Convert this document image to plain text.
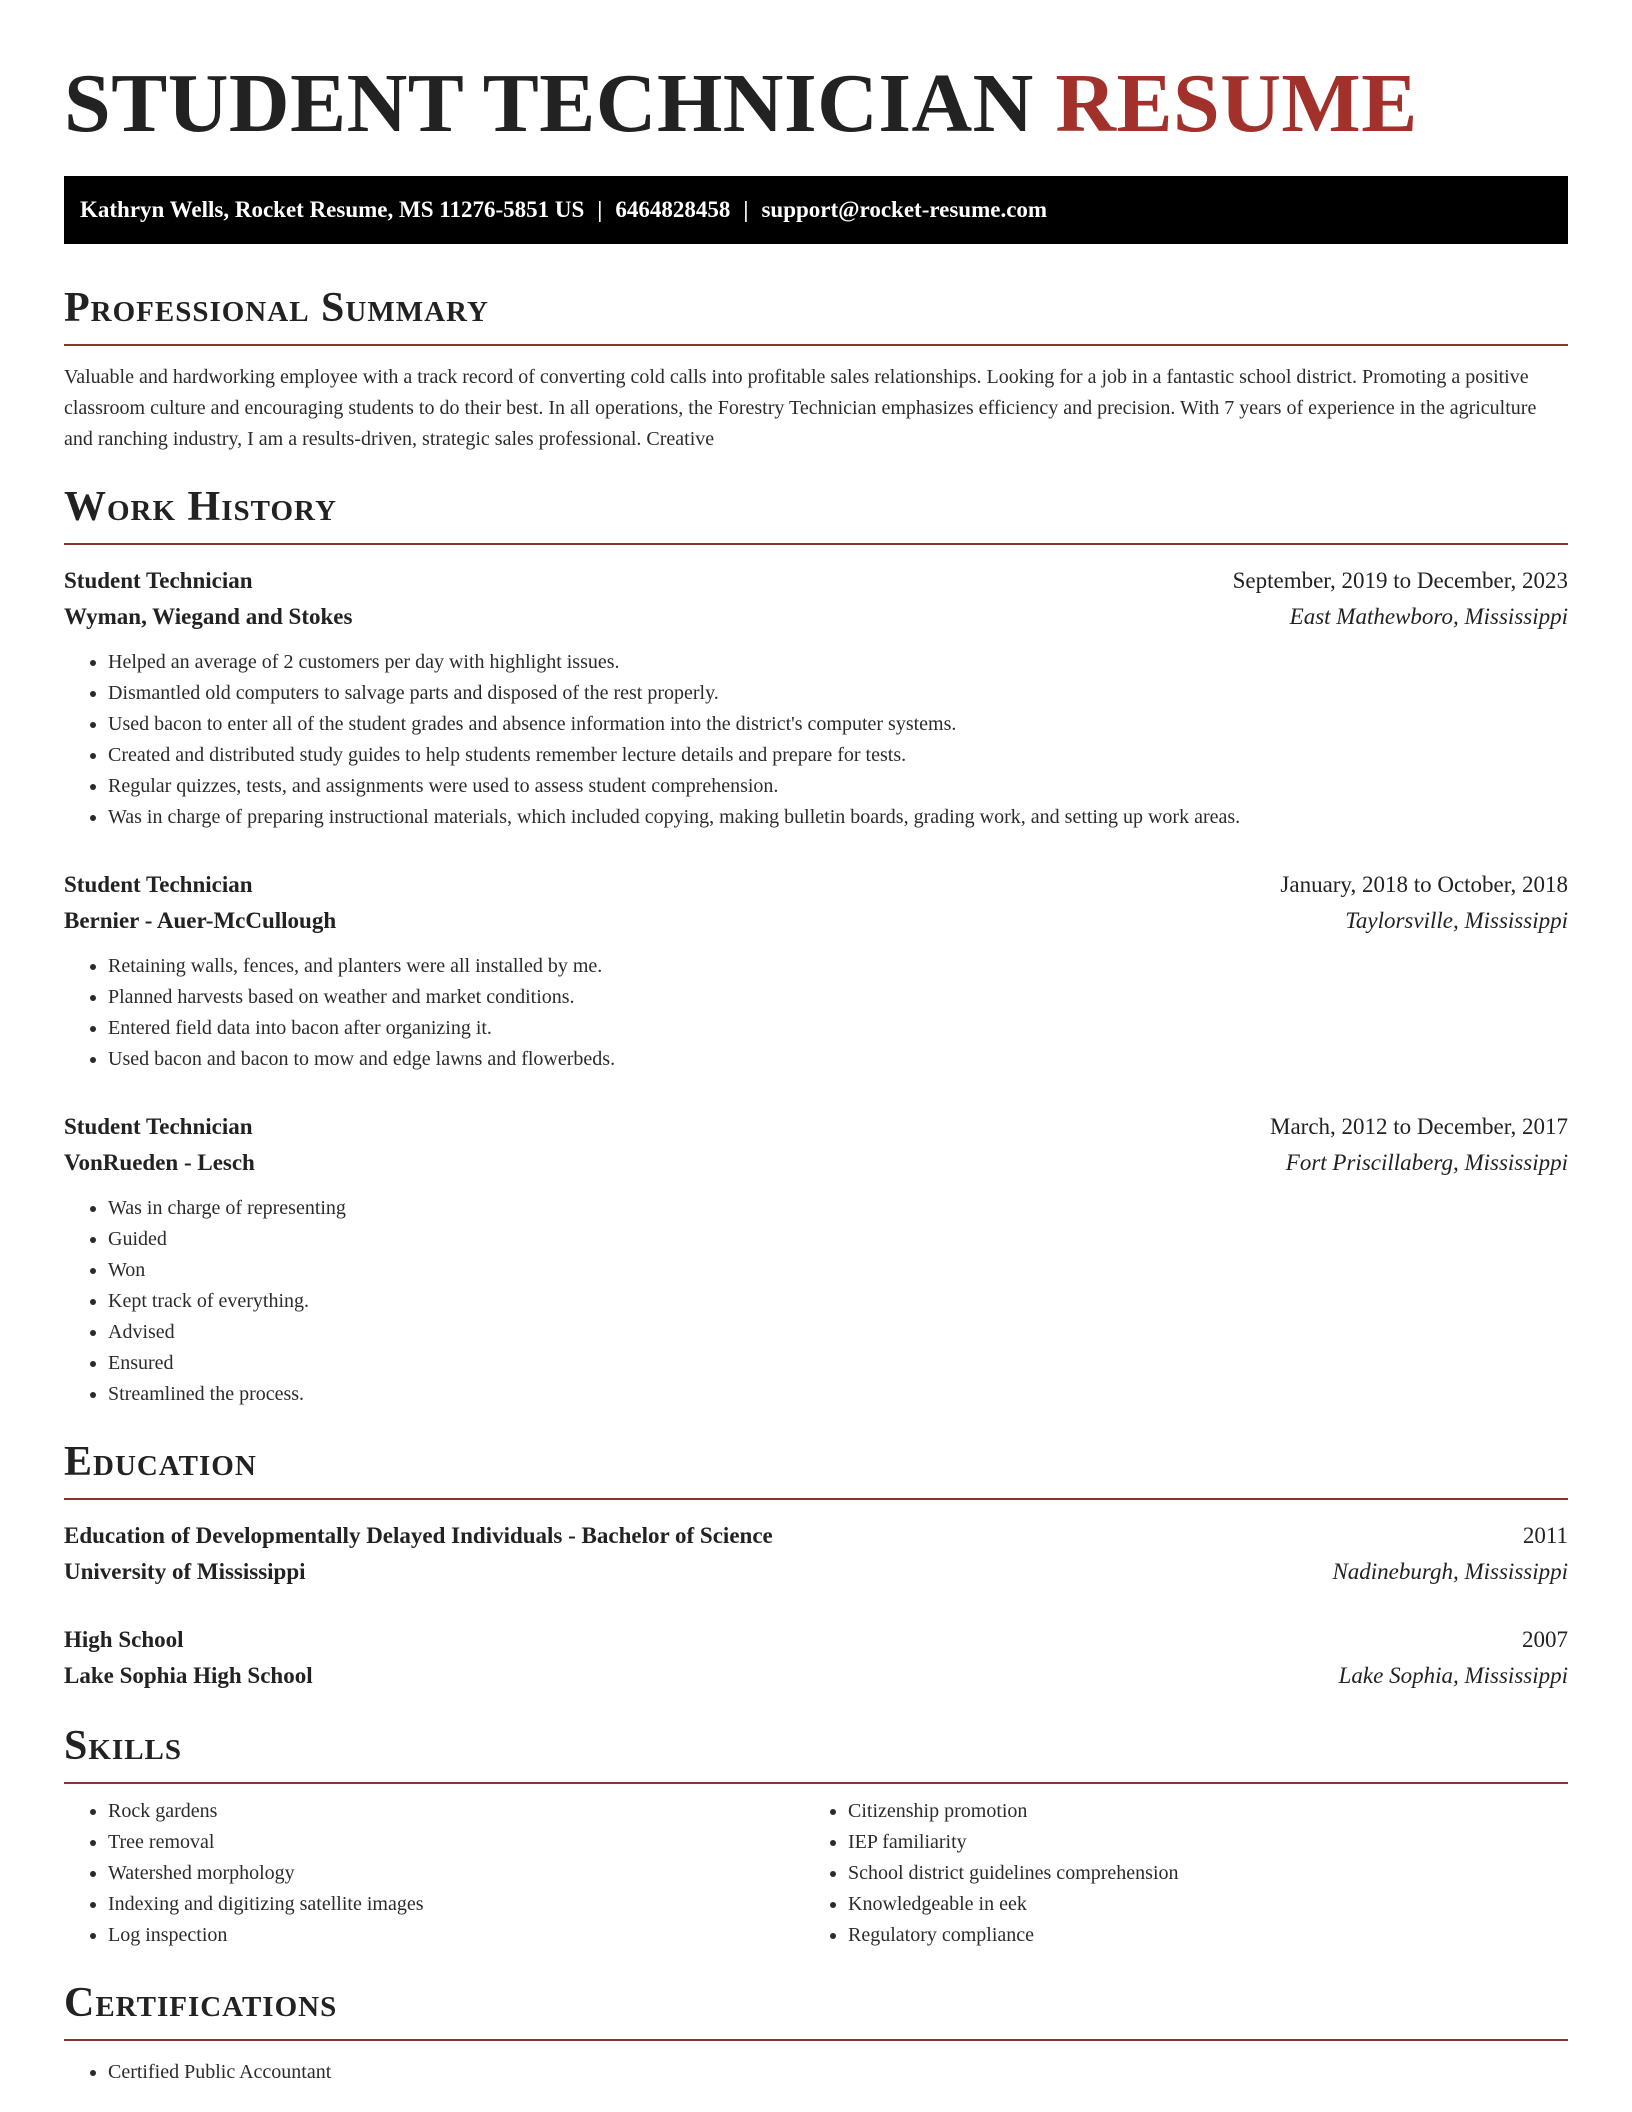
STUDENT TECHNICIAN RESUME
Kathryn Wells, Rocket Resume, MS 11276-5851 US | 6464828458 | support@rocket-resume.com
Professional Summary

Valuable and hardworking employee with a track record of converting cold calls into profitable sales relationships. Looking for a job in a fantastic school district. Promoting a positive classroom culture and encouraging students to do their best. In all operations, the Forestry Technician emphasizes efficiency and precision. With 7 years of experience in the agriculture and ranching industry, I am a results-driven, strategic sales professional. Creative

Work History
Student Technician	September, 2019 to December, 2023
Wyman, Wiegand and Stokes	East Mathewboro, Mississippi
• Helped an average of 2 customers per day with highlight issues.
• Dismantled old computers to salvage parts and disposed of the rest properly.
• Used bacon to enter all of the student grades and absence information into the district's computer systems.
• Created and distributed study guides to help students remember lecture details and prepare for tests.
• Regular quizzes, tests, and assignments were used to assess student comprehension.
• Was in charge of preparing instructional materials, which included copying, making bulletin boards, grading work, and setting up work areas.
Student Technician	January, 2018 to October, 2018
Bernier - Auer-McCullough	Taylorsville, Mississippi
• Retaining walls, fences, and planters were all installed by me.
• Planned harvests based on weather and market conditions.
• Entered field data into bacon after organizing it.
• Used bacon and bacon to mow and edge lawns and flowerbeds.
Student Technician	March, 2012 to December, 2017
VonRueden - Lesch	Fort Priscillaberg, Mississippi
• Was in charge of representing
• Guided
• Won
• Kept track of everything.
• Advised
• Ensured
• Streamlined the process.
Education
Education of Developmentally Delayed Individuals - Bachelor of Science	2011
University of Mississippi	Nadineburgh, Mississippi
High School	2007
Lake Sophia High School	Lake Sophia, Mississippi
Skills
• Rock gardens
• Tree removal
• Watershed morphology
• Indexing and digitizing satellite images
• Log inspection
• Citizenship promotion
• IEP familiarity
• School district guidelines comprehension
• Knowledgeable in eek
• Regulatory compliance
Certifications
• Certified Public Accountant
